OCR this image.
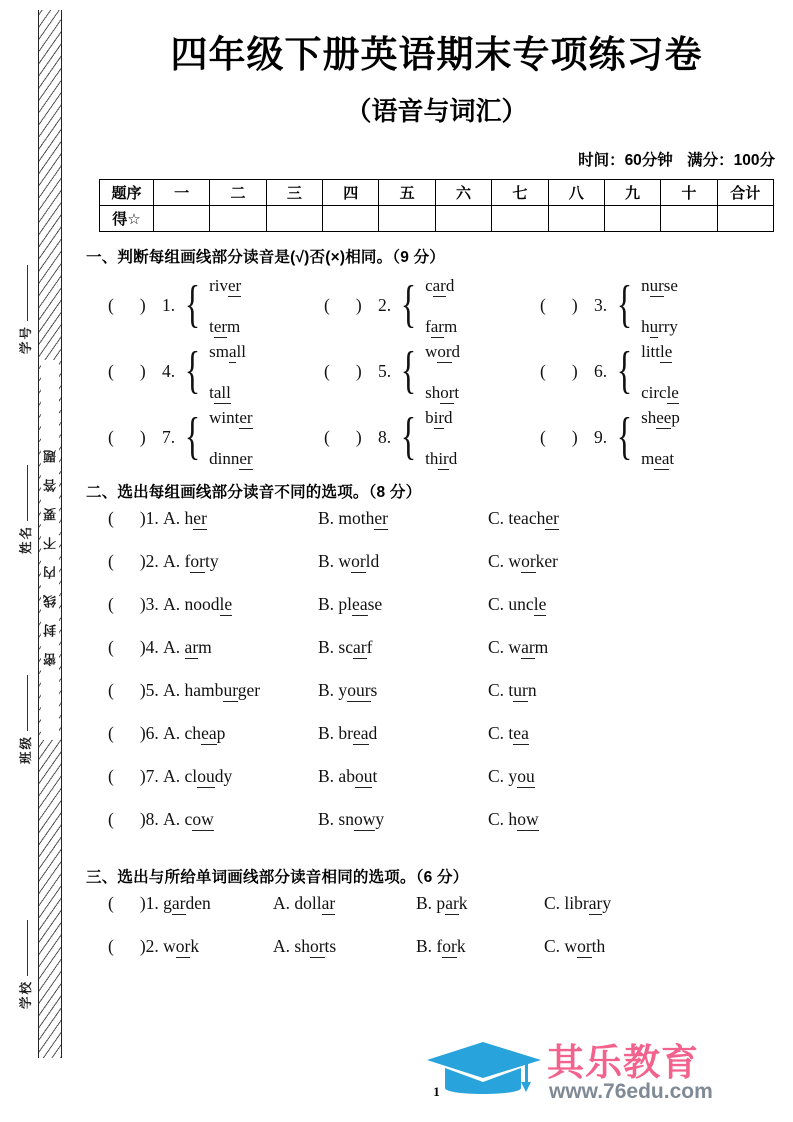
密封线内不要答题
学号
姓名
班级
学校
四年级下册英语期末专项练习卷
（语音与词汇）
时间：60分钟 满分：100分
题序	一	二	三	四	五	六	七	八	九	十	合计
得☆											
一、判断每组画线部分读音是(√)否(×)相同。（9 分）
( ) 1. { river
term
( ) 2. { card
farm
( ) 3. { nurse
hurry
( ) 4. { small
tall
( ) 5. { word
short
( ) 6. { little
circle
( ) 7. { winter
dinner
( ) 8. { bird
third
( ) 9. { sheep
meat
二、选出每组画线部分读音不同的选项。（8 分）
( )1. A. her	B. mother	C. teacher
( )2. A. forty	B. world	C. worker
( )3. A. noodle	B. please	C. uncle
( )4. A. arm	B. scarf	C. warm
( )5. A. hamburger	B. yours	C. turn
( )6. A. cheap	B. bread	C. tea
( )7. A. cloudy	B. about	C. you
( )8. A. cow	B. snowy	C. how
三、选出与所给单词画线部分读音相同的选项。（6 分）
( )1. garden	A. dollar	B. park	C. library
( )2. work	A. shorts	B. fork	C. worth
1
其乐教育
www.76edu.com
